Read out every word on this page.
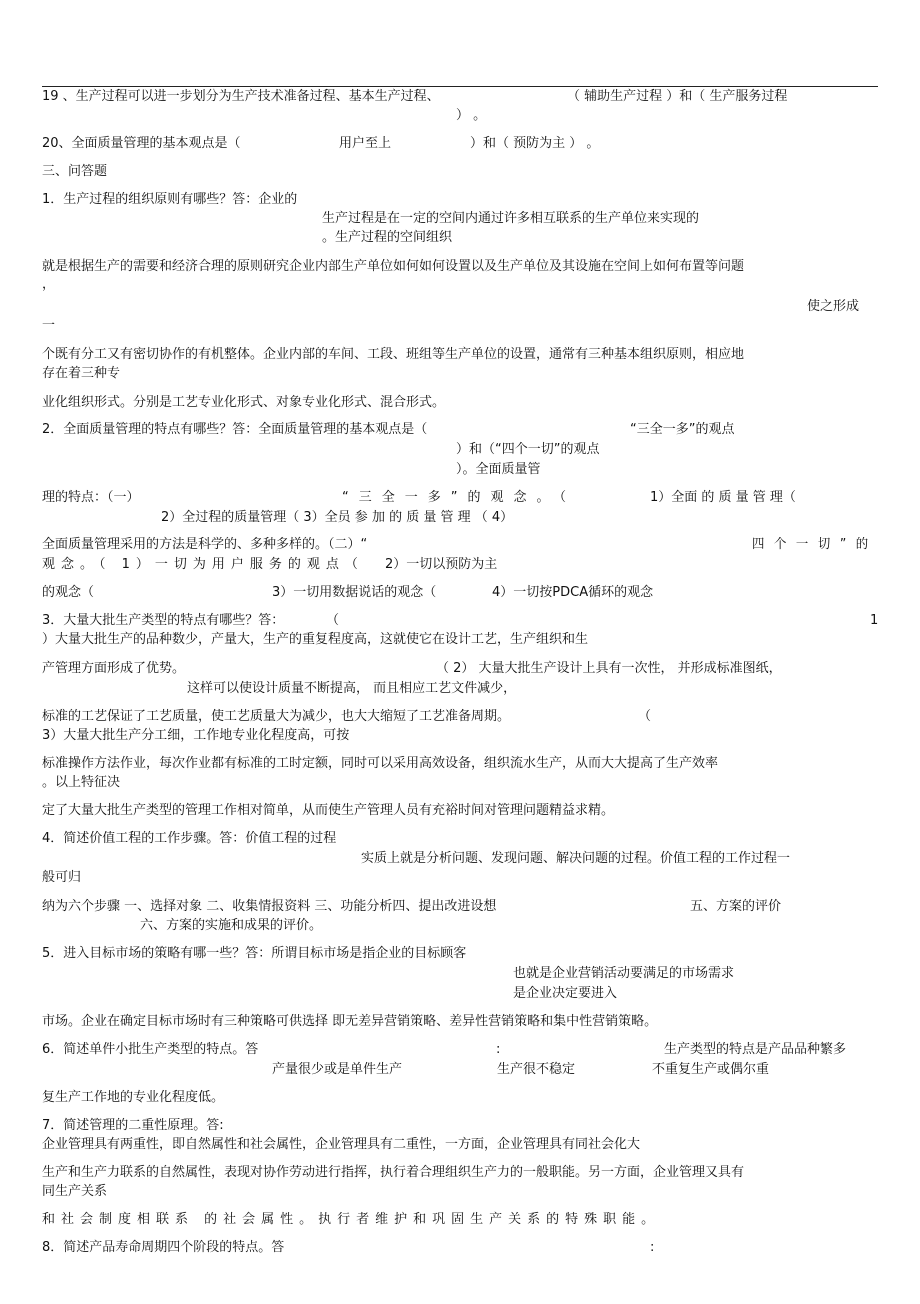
19 、生产过程可以进一步划分为生产技术准备过程、基本生产过程、	（ 辅助生产过程 ）和（ 生产服务过程
） 。
20、全面质量管理的基本观点是（	用户至上	）和（ 预防为主 ） 。
三、问答题
1．生产过程的组织原则有哪些？答：企业的
生产过程是在一定的空间内通过许多相互联系的生产单位来实现的
。生产过程的空间组织
就是根据生产的需要和经济合理的原则研究企业内部生产单位如何如何设置以及生产单位及其设施在空间上如何布置等问题
，
使之形成
一
个既有分工又有密切协作的有机整体。企业内部的车间、工段、班组等生产单位的设置，通常有三种基本组织原则，相应地
存在着三种专
业化组织形式。分别是工艺专业化形式、对象专业化形式、混合形式。
2．全面质量管理的特点有哪些？答：全面质量管理的基本观点是（	“三全一多”的观点
）和（“四个一切”的观点
）。全面质量管
理的特点：（一）	“三全一多”的观念。（	1）全面 的 质 量 管 理（
2）全过程的质量管理（ 3）全员 参 加 的 质 量 管 理 （ 4）
全面质量管理采用的方法是科学的、多种多样的。（二）“	四个一切”的
观念。（ 1）一切为用户服务的观点（ 2）一切以预防为主
的观念（	3）一切用数据说话的观念（	4）一切按PDCA循环的观念
3．大量大批生产类型的特点有哪些？答：	（	1
）大量大批生产的品种数少，产量大，生产的重复程度高，这就使它在设计工艺，生产组织和生
产管理方面形成了优势。	（ 2） 大量大批生产设计上具有一次性， 并形成标准图纸，
这样可以使设计质量不断提高， 而且相应工艺文件减少，
标准的工艺保证了工艺质量，使工艺质量大为减少，也大大缩短了工艺准备周期。	（
3）大量大批生产分工细，工作地专业化程度高，可按
标准操作方法作业，每次作业都有标准的工时定额，同时可以采用高效设备，组织流水生产，从而大大提高了生产效率
。以上特征决
定了大量大批生产类型的管理工作相对简单，从而使生产管理人员有充裕时间对管理问题精益求精。
4．简述价值工程的工作步骤。答：价值工程的过程
实质上就是分析问题、发现问题、解决问题的过程。价值工程的工作过程一
般可归
纳为六个步骤 一、选择对象 二、收集情报资料 三、功能分析四、提出改进设想	五、方案的评价
六、方案的实施和成果的评价。
5．进入目标市场的策略有哪一些？答：所谓目标市场是指企业的目标顾客
也就是企业营销活动要满足的市场需求
是企业决定要进入
市场。企业在确定目标市场时有三种策略可供选择 即无差异营销策略、差异性营销策略和集中性营销策略。
6．简述单件小批生产类型的特点。答	:	生产类型的特点是产品品种繁多
产量很少或是单件生产	生产很不稳定	不重复生产或偶尔重
复生产工作地的专业化程度低。
7．简述管理的二重性原理。答:
企业管理具有两重性，即自然属性和社会属性，企业管理具有二重性，一方面，企业管理具有同社会化大
生产和生产力联系的自然属性，表现对协作劳动进行指挥，执行着合理组织生产力的一般职能。另一方面，企业管理又具有
同生产关系
和社会制度相联系 的社会属性。执行者维护和巩固生产关系的特殊职能。
8．简述产品寿命周期四个阶段的特点。答	:
